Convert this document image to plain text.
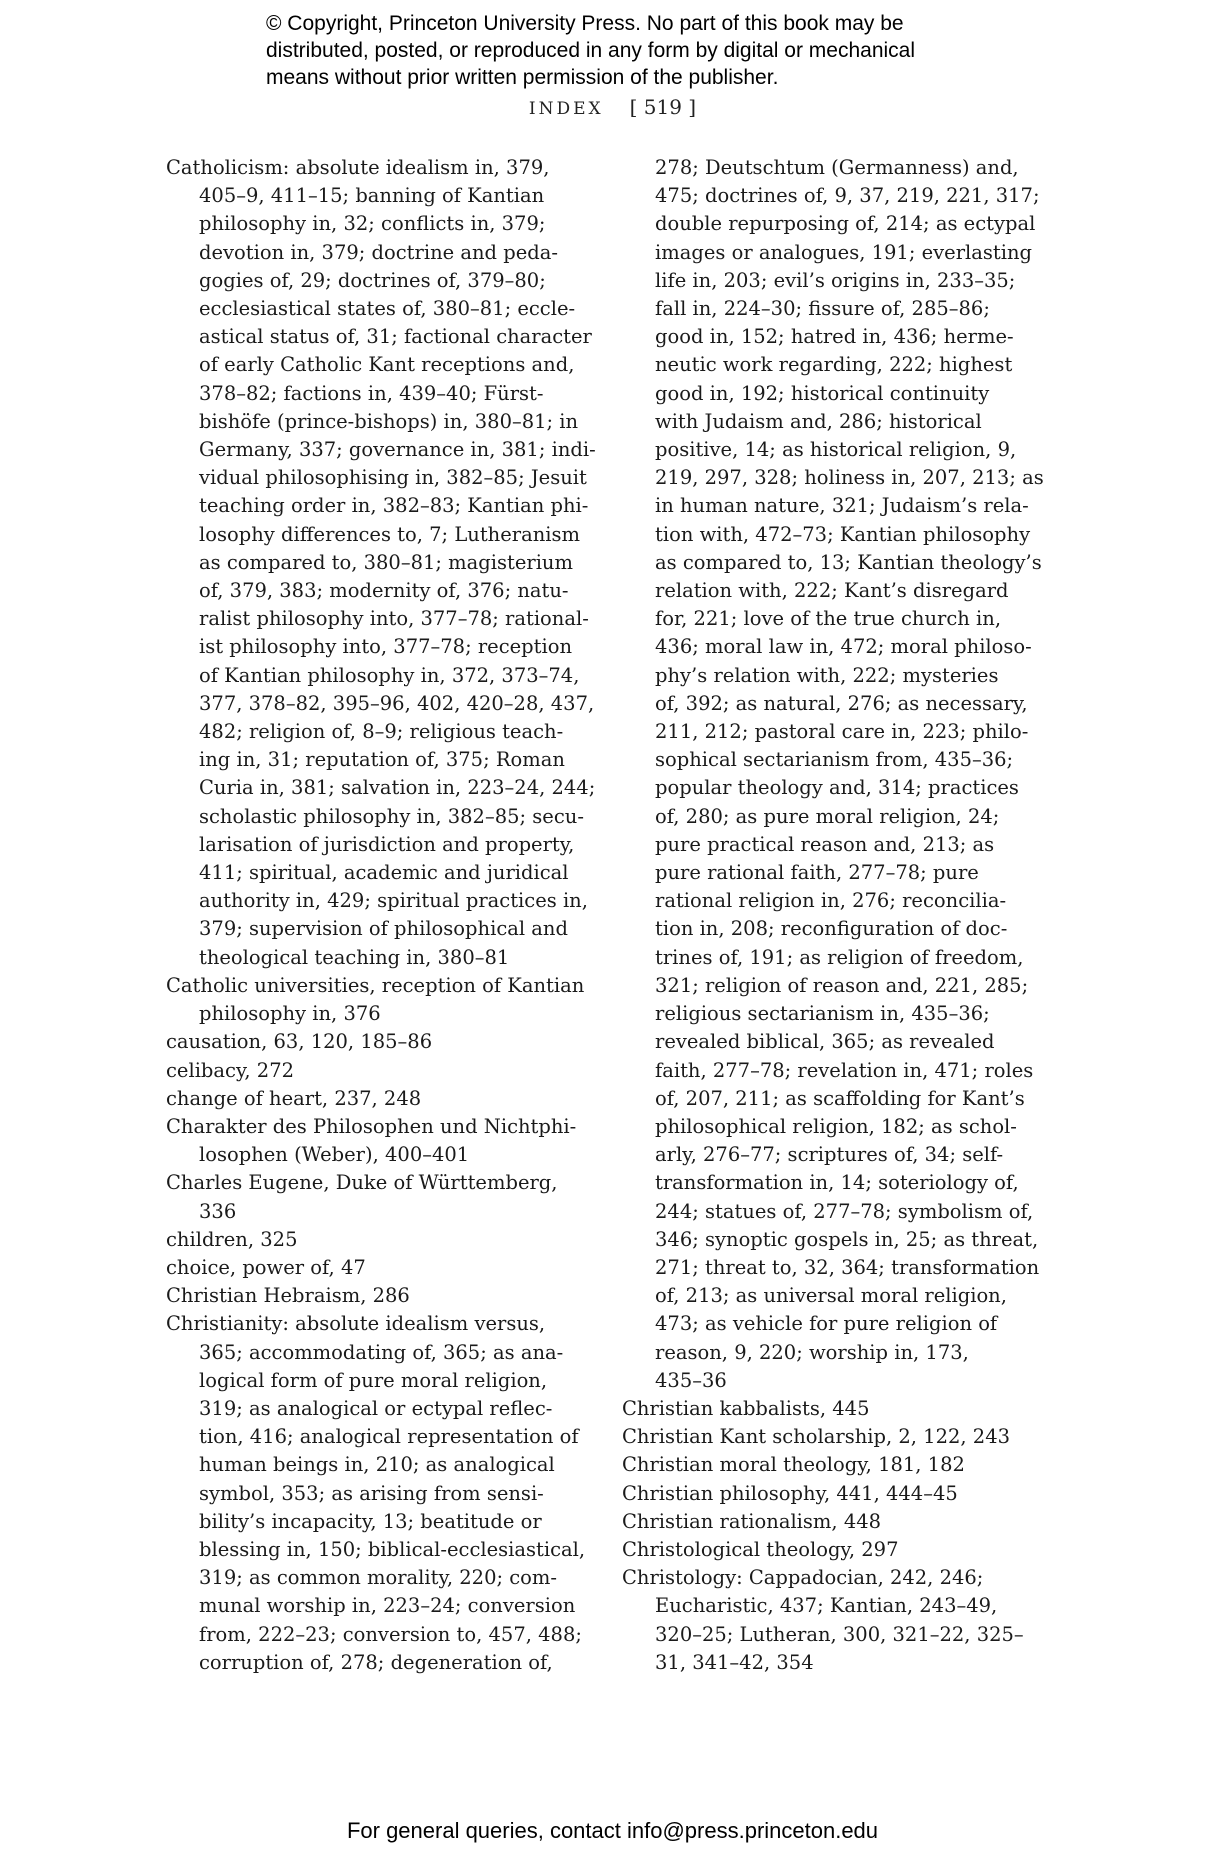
© Copyright, Princeton University Press. No part of this book may be
distributed, posted, or reproduced in any form by digital or mechanical
means without prior written permission of the publisher.
INDEX [ 519 ]
Catholicism: absolute idealism in, 379,
405–9, 411–15; banning of Kantian
philosophy in, 32; conflicts in, 379;
devotion in, 379; doctrine and peda-
gogies of, 29; doctrines of, 379–80;
ecclesiastical states of, 380–81; eccle-
astical status of, 31; factional character
of early Catholic Kant receptions and,
378–82; factions in, 439–40; Fürst-
bishöfe (prince-bishops) in, 380–81; in
Germany, 337; governance in, 381; indi-
vidual philosophising in, 382–85; Jesuit
teaching order in, 382–83; Kantian phi-
losophy differences to, 7; Lutheranism
as compared to, 380–81; magisterium
of, 379, 383; modernity of, 376; natu-
ralist philosophy into, 377–78; rational-
ist philosophy into, 377–78; reception
of Kantian philosophy in, 372, 373–74,
377, 378–82, 395–96, 402, 420–28, 437,
482; religion of, 8–9; religious teach-
ing in, 31; reputation of, 375; Roman
Curia in, 381; salvation in, 223–24, 244;
scholastic philosophy in, 382–85; secu-
larisation of jurisdiction and property,
411; spiritual, academic and juridical
authority in, 429; spiritual practices in,
379; supervision of philosophical and
theological teaching in, 380–81
Catholic universities, reception of Kantian
philosophy in, 376
causation, 63, 120, 185–86
celibacy, 272
change of heart, 237, 248
Charakter des Philosophen und Nichtphi-
losophen (Weber), 400–401
Charles Eugene, Duke of Württemberg,
336
children, 325
choice, power of, 47
Christian Hebraism, 286
Christianity: absolute idealism versus,
365; accommodating of, 365; as ana-
logical form of pure moral religion,
319; as analogical or ectypal reflec-
tion, 416; analogical representation of
human beings in, 210; as analogical
symbol, 353; as arising from sensi-
bility’s incapacity, 13; beatitude or
blessing in, 150; biblical-ecclesiastical,
319; as common morality, 220; com-
munal worship in, 223–24; conversion
from, 222–23; conversion to, 457, 488;
corruption of, 278; degeneration of,
278; Deutschtum (Germanness) and,
475; doctrines of, 9, 37, 219, 221, 317;
double repurposing of, 214; as ectypal
images or analogues, 191; everlasting
life in, 203; evil’s origins in, 233–35;
fall in, 224–30; fissure of, 285–86;
good in, 152; hatred in, 436; herme-
neutic work regarding, 222; highest
good in, 192; historical continuity
with Judaism and, 286; historical
positive, 14; as historical religion, 9,
219, 297, 328; holiness in, 207, 213; as
in human nature, 321; Judaism’s rela-
tion with, 472–73; Kantian philosophy
as compared to, 13; Kantian theology’s
relation with, 222; Kant’s disregard
for, 221; love of the true church in,
436; moral law in, 472; moral philoso-
phy’s relation with, 222; mysteries
of, 392; as natural, 276; as necessary,
211, 212; pastoral care in, 223; philo-
sophical sectarianism from, 435–36;
popular theology and, 314; practices
of, 280; as pure moral religion, 24;
pure practical reason and, 213; as
pure rational faith, 277–78; pure
rational religion in, 276; reconcilia-
tion in, 208; reconfiguration of doc-
trines of, 191; as religion of freedom,
321; religion of reason and, 221, 285;
religious sectarianism in, 435–36;
revealed biblical, 365; as revealed
faith, 277–78; revelation in, 471; roles
of, 207, 211; as scaffolding for Kant’s
philosophical religion, 182; as schol-
arly, 276–77; scriptures of, 34; self-
transformation in, 14; soteriology of,
244; statues of, 277–78; symbolism of,
346; synoptic gospels in, 25; as threat,
271; threat to, 32, 364; transformation
of, 213; as universal moral religion,
473; as vehicle for pure religion of
reason, 9, 220; worship in, 173,
435–36
Christian kabbalists, 445
Christian Kant scholarship, 2, 122, 243
Christian moral theology, 181, 182
Christian philosophy, 441, 444–45
Christian rationalism, 448
Christological theology, 297
Christology: Cappadocian, 242, 246;
Eucharistic, 437; Kantian, 243–49,
320–25; Lutheran, 300, 321–22, 325–
31, 341–42, 354
For general queries, contact info@press.princeton.edu
